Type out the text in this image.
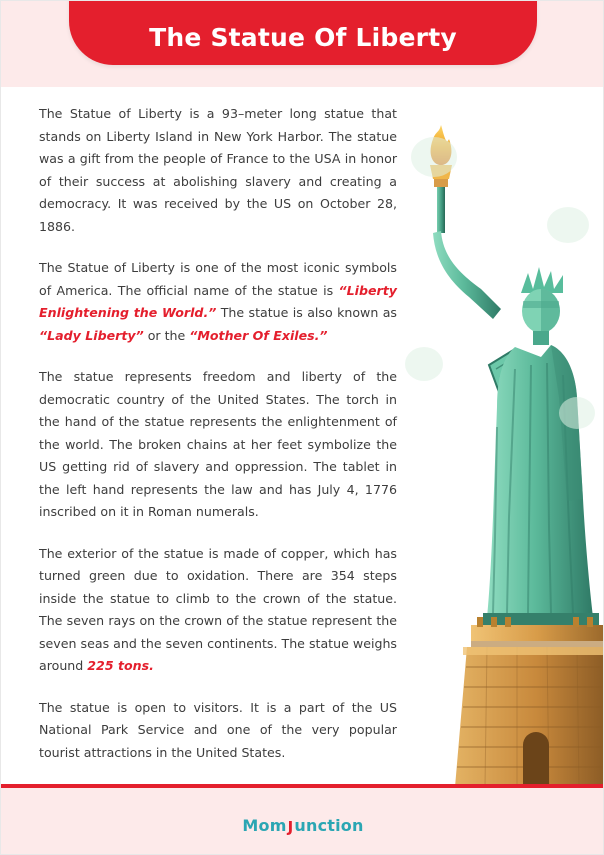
The Statue Of Liberty

The Statue of Liberty is a 93–meter long statue that stands on Liberty Island in New York Harbor. The statue was a gift from the people of France to the USA in honor of their success at abolishing slavery and creating a democracy. It was received by the US on October 28, 1886.

The Statue of Liberty is one of the most iconic symbols of America. The official name of the statue is “Liberty Enlightening the World.” The statue is also known as “Lady Liberty” or the “Mother Of Exiles.”

The statue represents freedom and liberty of the democratic country of the United States. The torch in the hand of the statue represents the enlightenment of the world. The broken chains at her feet symbolize the US getting rid of slavery and oppression. The tablet in the left hand represents the law and has July 4, 1776 inscribed on it in Roman numerals.

The exterior of the statue is made of copper, which has turned green due to oxidation. There are 354 steps inside the statue to climb to the crown of the statue. The seven rays on the crown of the statue represent the seven seas and the seven continents. The statue weighs around 225 tons.

The statue is open to visitors. It is a part of the US National Park Service and one of the very popular tourist attractions in the United States.

MomJunction
